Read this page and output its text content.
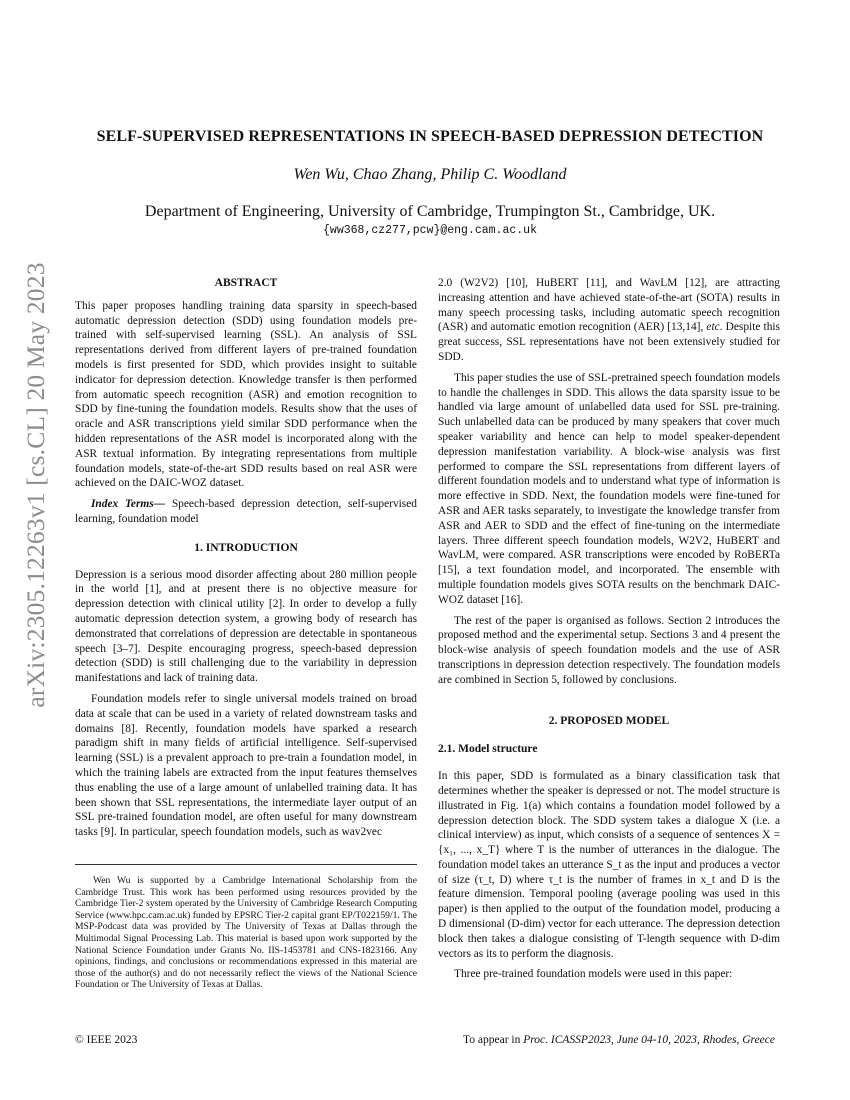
arXiv:2305.12263v1 [cs.CL] 20 May 2023
SELF-SUPERVISED REPRESENTATIONS IN SPEECH-BASED DEPRESSION DETECTION
Wen Wu, Chao Zhang, Philip C. Woodland
Department of Engineering, University of Cambridge, Trumpington St., Cambridge, UK.
{ww368,cz277,pcw}@eng.cam.ac.uk
ABSTRACT

This paper proposes handling training data sparsity in speech-based automatic depression detection (SDD) using foundation models pre-trained with self-supervised learning (SSL). An analysis of SSL representations derived from different layers of pre-trained foundation models is first presented for SDD, which provides insight to suitable indicator for depression detection. Knowledge transfer is then performed from automatic speech recognition (ASR) and emotion recognition to SDD by fine-tuning the foundation models. Results show that the uses of oracle and ASR transcriptions yield similar SDD performance when the hidden representations of the ASR model is incorporated along with the ASR textual information. By integrating representations from multiple foundation models, state-of-the-art SDD results based on real ASR were achieved on the DAIC-WOZ dataset.

Index Terms— Speech-based depression detection, self-supervised learning, foundation model

1. INTRODUCTION

Depression is a serious mood disorder affecting about 280 million people in the world [1], and at present there is no objective measure for depression detection with clinical utility [2]. In order to develop a fully automatic depression detection system, a growing body of research has demonstrated that correlations of depression are detectable in spontaneous speech [3–7]. Despite encouraging progress, speech-based depression detection (SDD) is still challenging due to the variability in depression manifestations and lack of training data.

Foundation models refer to single universal models trained on broad data at scale that can be used in a variety of related downstream tasks and domains [8]. Recently, foundation models have sparked a research paradigm shift in many fields of artificial intelligence. Self-supervised learning (SSL) is a prevalent approach to pre-train a foundation model, in which the training labels are extracted from the input features themselves thus enabling the use of a large amount of unlabelled training data. It has been shown that SSL representations, the intermediate layer output of an SSL pre-trained foundation model, are often useful for many downstream tasks [9]. In particular, speech foundation models, such as wav2vec

Wen Wu is supported by a Cambridge International Scholarship from the Cambridge Trust. This work has been performed using resources provided by the Cambridge Tier-2 system operated by the University of Cambridge Research Computing Service (www.hpc.cam.ac.uk) funded by EPSRC Tier-2 capital grant EP/T022159/1. The MSP-Podcast data was provided by The University of Texas at Dallas through the Multimodal Signal Processing Lab. This material is based upon work supported by the National Science Foundation under Grants No. IIS-1453781 and CNS-1823166. Any opinions, findings, and conclusions or recommendations expressed in this material are those of the author(s) and do not necessarily reflect the views of the National Science Foundation or The University of Texas at Dallas.

2.0 (W2V2) [10], HuBERT [11], and WavLM [12], are attracting increasing attention and have achieved state-of-the-art (SOTA) results in many speech processing tasks, including automatic speech recognition (ASR) and automatic emotion recognition (AER) [13,14], etc. Despite this great success, SSL representations have not been extensively studied for SDD.

This paper studies the use of SSL-pretrained speech foundation models to handle the challenges in SDD. This allows the data sparsity issue to be handled via large amount of unlabelled data used for SSL pre-training. Such unlabelled data can be produced by many speakers that cover much speaker variability and hence can help to model speaker-dependent depression manifestation variability. A block-wise analysis was first performed to compare the SSL representations from different layers of different foundation models and to understand what type of information is more effective in SDD. Next, the foundation models were fine-tuned for ASR and AER tasks separately, to investigate the knowledge transfer from ASR and AER to SDD and the effect of fine-tuning on the intermediate layers. Three different speech foundation models, W2V2, HuBERT and WavLM, were compared. ASR transcriptions were encoded by RoBERTa [15], a text foundation model, and incorporated. The ensemble with multiple foundation models gives SOTA results on the benchmark DAIC-WOZ dataset [16].

The rest of the paper is organised as follows. Section 2 introduces the proposed method and the experimental setup. Sections 3 and 4 present the block-wise analysis of speech foundation models and the use of ASR transcriptions in depression detection respectively. The foundation models are combined in Section 5, followed by conclusions.

2. PROPOSED MODEL
2.1. Model structure

In this paper, SDD is formulated as a binary classification task that determines whether the speaker is depressed or not. The model structure is illustrated in Fig. 1(a) which contains a foundation model followed by a depression detection block. The SDD system takes a dialogue X (i.e. a clinical interview) as input, which consists of a sequence of sentences X = {x₁, ..., x_T} where T is the number of utterances in the dialogue. The foundation model takes an utterance S_t as the input and produces a vector of size (τ_t, D) where τ_t is the number of frames in x_t and D is the feature dimension. Temporal pooling (average pooling was used in this paper) is then applied to the output of the foundation model, producing a D dimensional (D-dim) vector for each utterance. The depression detection block then takes a dialogue consisting of T-length sequence with D-dim vectors as its to perform the diagnosis.

Three pre-trained foundation models were used in this paper:

© IEEE 2023	To appear in Proc. ICASSP2023, June 04-10, 2023, Rhodes, Greece
